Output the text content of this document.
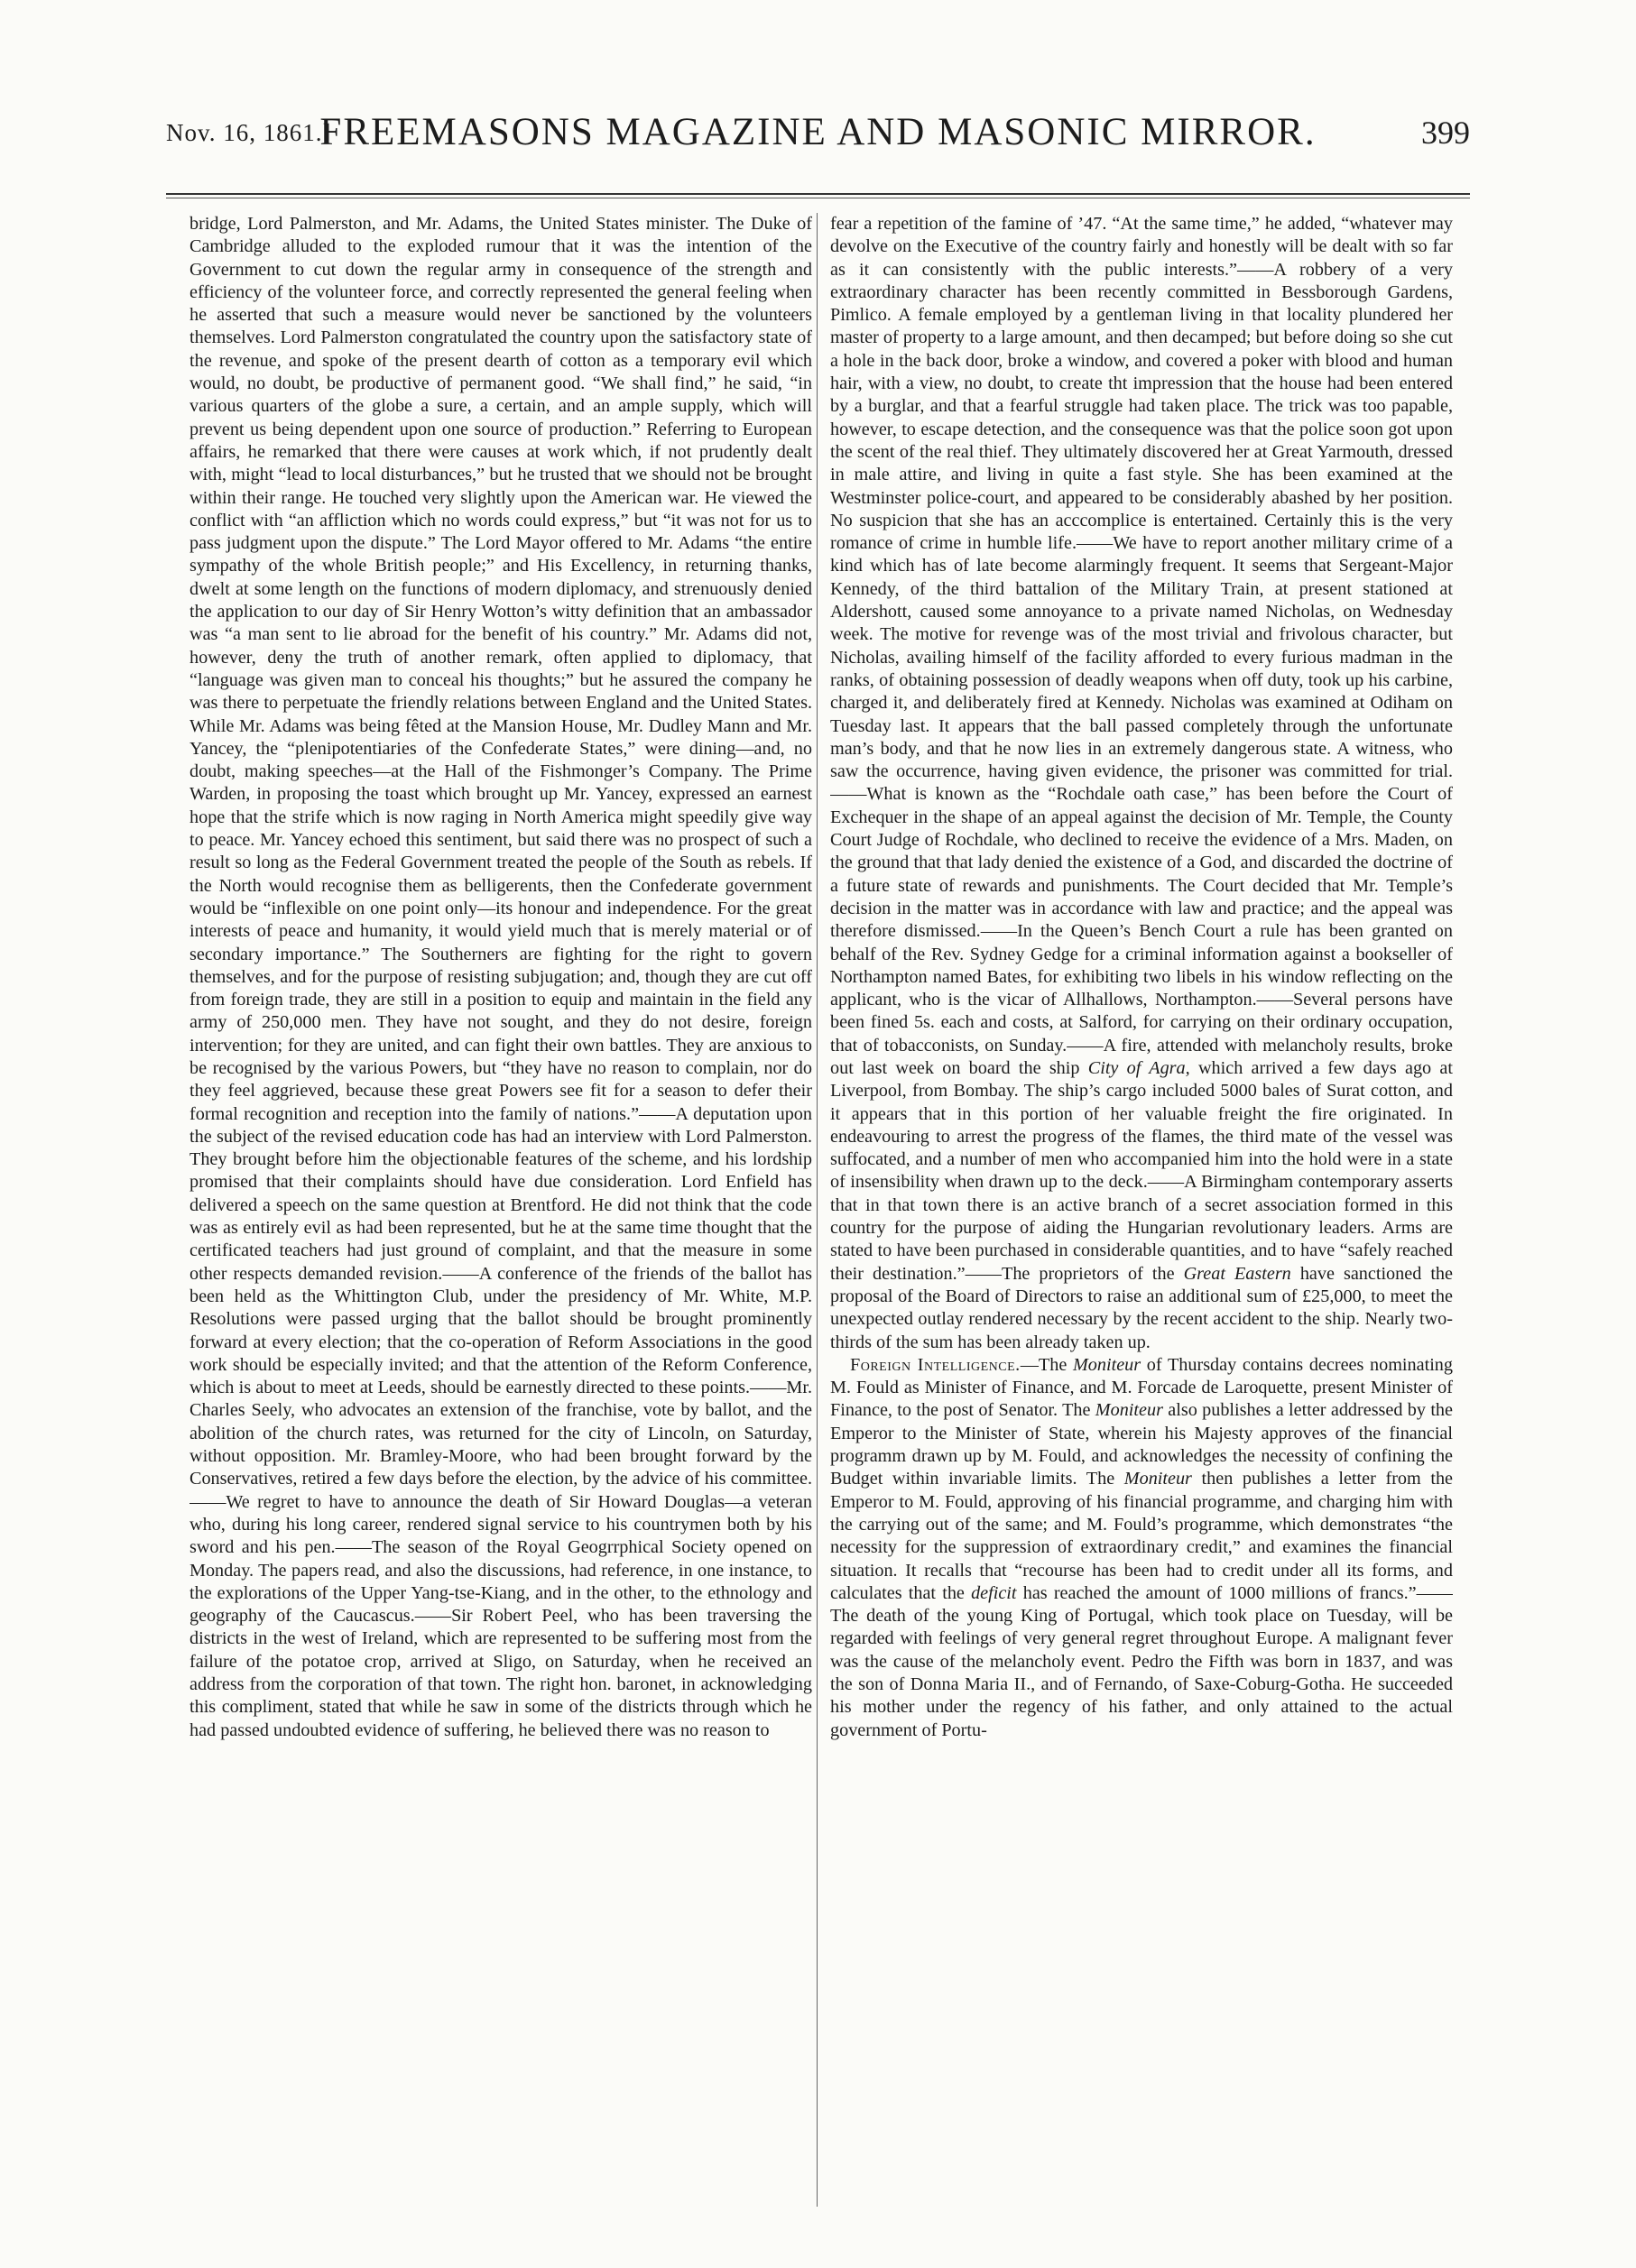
Nov. 16, 1861.]
FREEMASONS MAGAZINE AND MASONIC MIRROR.	399

bridge, Lord Palmerston, and Mr. Adams, the United States minister. The Duke of Cambridge alluded to the exploded rumour that it was the intention of the Government to cut down the regular army in consequence of the strength and efficiency of the volunteer force, and correctly represented the general feeling when he asserted that such a measure would never be sanctioned by the volunteers themselves. Lord Palmerston congratulated the country upon the satisfactory state of the revenue, and spoke of the present dearth of cotton as a temporary evil which would, no doubt, be productive of permanent good. “We shall find,” he said, “in various quarters of the globe a sure, a certain, and an ample supply, which will prevent us being dependent upon one source of production.” Referring to European affairs, he remarked that there were causes at work which, if not prudently dealt with, might “lead to local disturbances,” but he trusted that we should not be brought within their range. He touched very slightly upon the American war. He viewed the conflict with “an affliction which no words could express,” but “it was not for us to pass judgment upon the dispute.” The Lord Mayor offered to Mr. Adams “the entire sympathy of the whole British people;” and His Excellency, in returning thanks, dwelt at some length on the functions of modern diplomacy, and strenuously denied the application to our day of Sir Henry Wotton’s witty definition that an ambassador was “a man sent to lie abroad for the benefit of his country.” Mr. Adams did not, however, deny the truth of another remark, often applied to diplomacy, that “language was given man to conceal his thoughts;” but he assured the company he was there to perpetuate the friendly relations between England and the United States. While Mr. Adams was being fêted at the Mansion House, Mr. Dudley Mann and Mr. Yancey, the “plenipotentiaries of the Confederate States,” were dining—and, no doubt, making speeches—at the Hall of the Fishmonger’s Company. The Prime Warden, in proposing the toast which brought up Mr. Yancey, expressed an earnest hope that the strife which is now raging in North America might speedily give way to peace. Mr. Yancey echoed this sentiment, but said there was no prospect of such a result so long as the Federal Government treated the people of the South as rebels. If the North would recognise them as belligerents, then the Confederate government would be “inflexible on one point only—its honour and independence. For the great interests of peace and humanity, it would yield much that is merely material or of secondary importance.” The Southerners are fighting for the right to govern themselves, and for the purpose of resisting subjugation; and, though they are cut off from foreign trade, they are still in a position to equip and maintain in the field any army of 250,000 men. They have not sought, and they do not desire, foreign intervention; for they are united, and can fight their own battles. They are anxious to be recognised by the various Powers, but “they have no reason to complain, nor do they feel aggrieved, because these great Powers see fit for a season to defer their formal recognition and reception into the family of nations.”——A deputation upon the subject of the revised education code has had an interview with Lord Palmerston. They brought before him the objectionable features of the scheme, and his lordship promised that their complaints should have due consideration. Lord Enfield has delivered a speech on the same question at Brentford. He did not think that the code was as entirely evil as had been represented, but he at the same time thought that the certificated teachers had just ground of complaint, and that the measure in some other respects demanded revision.——A conference of the friends of the ballot has been held as the Whittington Club, under the presidency of Mr. White, M.P. Resolutions were passed urging that the ballot should be brought prominently forward at every election; that the co-operation of Reform Associations in the good work should be especially invited; and that the attention of the Reform Conference, which is about to meet at Leeds, should be earnestly directed to these points.——Mr. Charles Seely, who advocates an extension of the franchise, vote by ballot, and the abolition of the church rates, was returned for the city of Lincoln, on Saturday, without opposition. Mr. Bramley-Moore, who had been brought forward by the Conservatives, retired a few days before the election, by the advice of his committee.——We regret to have to announce the death of Sir Howard Douglas—a veteran who, during his long career, rendered signal service to his countrymen both by his sword and his pen.——The season of the Royal Geogrrphical Society opened on Monday. The papers read, and also the discussions, had reference, in one instance, to the explorations of the Upper Yang-tse-Kiang, and in the other, to the ethnology and geography of the Caucascus.——Sir Robert Peel, who has been traversing the districts in the west of Ireland, which are represented to be suffering most from the failure of the potatoe crop, arrived at Sligo, on Saturday, when he received an address from the corporation of that town. The right hon. baronet, in acknowledging this compliment, stated that while he saw in some of the districts through which he had passed undoubted evidence of suffering, he believed there was no reason to

fear a repetition of the famine of ’47. “At the same time,” he added, “whatever may devolve on the Executive of the country fairly and honestly will be dealt with so far as it can consistently with the public interests.”——A robbery of a very extraordinary character has been recently committed in Bessborough Gardens, Pimlico. A female employed by a gentleman living in that locality plundered her master of property to a large amount, and then decamped; but before doing so she cut a hole in the back door, broke a window, and covered a poker with blood and human hair, with a view, no doubt, to create tht impression that the house had been entered by a burglar, and that a fearful struggle had taken place. The trick was too papable, however, to escape detection, and the consequence was that the police soon got upon the scent of the real thief. They ultimately discovered her at Great Yarmouth, dressed in male attire, and living in quite a fast style. She has been examined at the Westminster police-court, and appeared to be considerably abashed by her position. No suspicion that she has an acccomplice is entertained. Certainly this is the very romance of crime in humble life.——We have to report another military crime of a kind which has of late become alarmingly frequent. It seems that Sergeant-Major Kennedy, of the third battalion of the Military Train, at present stationed at Aldershott, caused some annoyance to a private named Nicholas, on Wednesday week. The motive for revenge was of the most trivial and frivolous character, but Nicholas, availing himself of the facility afforded to every furious madman in the ranks, of obtaining possession of deadly weapons when off duty, took up his carbine, charged it, and deliberately fired at Kennedy. Nicholas was examined at Odiham on Tuesday last. It appears that the ball passed completely through the unfortunate man’s body, and that he now lies in an extremely dangerous state. A witness, who saw the occurrence, having given evidence, the prisoner was committed for trial.——What is known as the “Rochdale oath case,” has been before the Court of Exchequer in the shape of an appeal against the decision of Mr. Temple, the County Court Judge of Rochdale, who declined to receive the evidence of a Mrs. Maden, on the ground that that lady denied the existence of a God, and discarded the doctrine of a future state of rewards and punishments. The Court decided that Mr. Temple’s decision in the matter was in accordance with law and practice; and the appeal was therefore dismissed.——In the Queen’s Bench Court a rule has been granted on behalf of the Rev. Sydney Gedge for a criminal information against a bookseller of Northampton named Bates, for exhibiting two libels in his window reflecting on the applicant, who is the vicar of Allhallows, Northampton.——Several persons have been fined 5s. each and costs, at Salford, for carrying on their ordinary occupation, that of tobacconists, on Sunday.——A fire, attended with melancholy results, broke out last week on board the ship City of Agra, which arrived a few days ago at Liverpool, from Bombay. The ship’s cargo included 5000 bales of Surat cotton, and it appears that in this portion of her valuable freight the fire originated. In endeavouring to arrest the progress of the flames, the third mate of the vessel was suffocated, and a number of men who accompanied him into the hold were in a state of insensibility when drawn up to the deck.——A Birmingham contemporary asserts that in that town there is an active branch of a secret association formed in this country for the purpose of aiding the Hungarian revolutionary leaders. Arms are stated to have been purchased in considerable quantities, and to have “safely reached their destination.”——The proprietors of the Great Eastern have sanctioned the proposal of the Board of Directors to raise an additional sum of £25,000, to meet the unexpected outlay rendered necessary by the recent accident to the ship. Nearly two-thirds of the sum has been already taken up.

Foreign Intelligence.—The Moniteur of Thursday contains decrees nominating M. Fould as Minister of Finance, and M. Forcade de Laroquette, present Minister of Finance, to the post of Senator. The Moniteur also publishes a letter addressed by the Emperor to the Minister of State, wherein his Majesty approves of the financial programm drawn up by M. Fould, and acknowledges the necessity of confining the Budget within invariable limits. The Moniteur then publishes a letter from the Emperor to M. Fould, approving of his financial programme, and charging him with the carrying out of the same; and M. Fould’s programme, which demonstrates “the necessity for the suppression of extraordinary credit,” and examines the financial situation. It recalls that “recourse has been had to credit under all its forms, and calculates that the deficit has reached the amount of 1000 millions of francs.”——The death of the young King of Portugal, which took place on Tuesday, will be regarded with feelings of very general regret throughout Europe. A malignant fever was the cause of the melancholy event. Pedro the Fifth was born in 1837, and was the son of Donna Maria II., and of Fernando, of Saxe-Coburg-Gotha. He succeeded his mother under the regency of his father, and only attained to the actual government of Portu-
